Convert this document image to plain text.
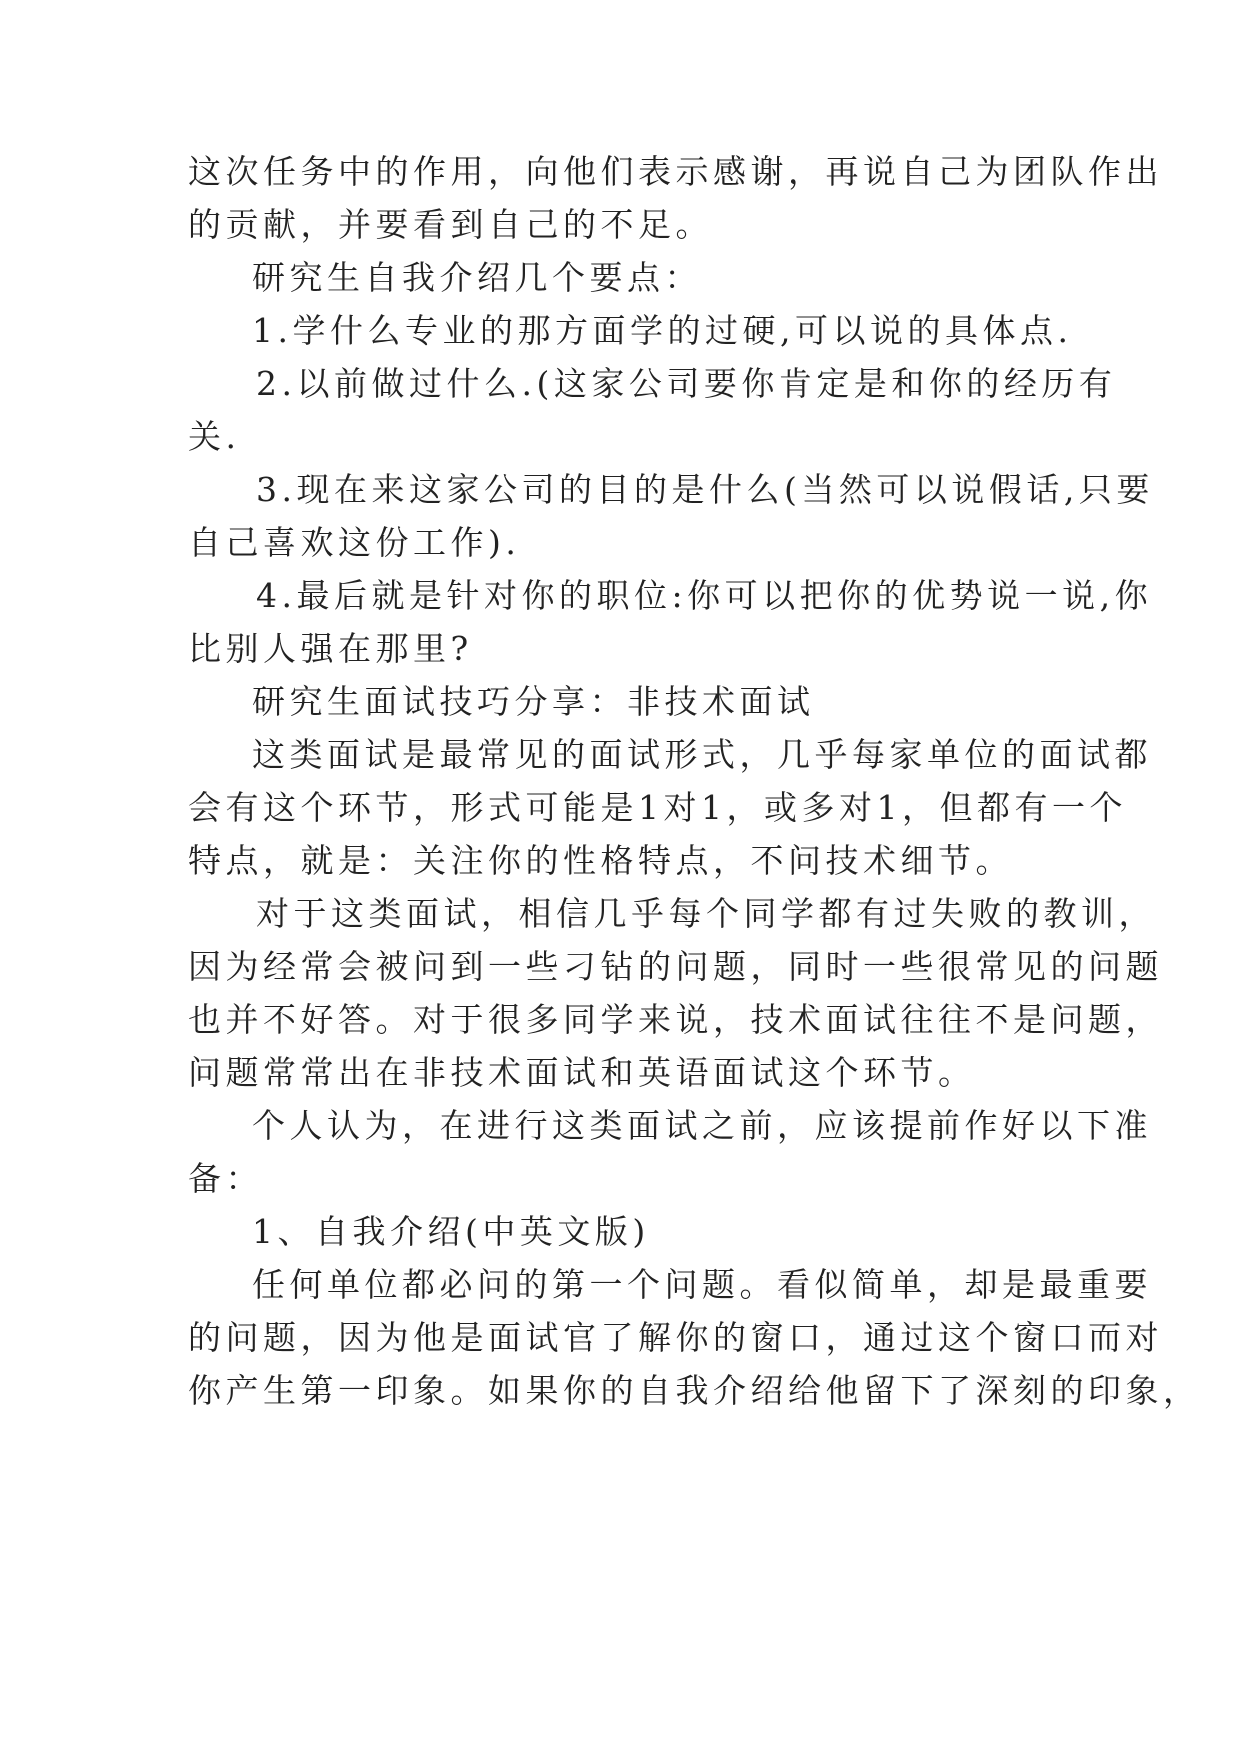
这次任务中的作用，向他们表示感谢，再说自己为团队作出
的贡献，并要看到自己的不足。
研究生自我介绍几个要点：
1.学什么专业的那方面学的过硬,可以说的具体点.
2.以前做过什么.(这家公司要你肯定是和你的经历有
关.
3.现在来这家公司的目的是什么(当然可以说假话,只要
自己喜欢这份工作).
4.最后就是针对你的职位:你可以把你的优势说一说,你
比别人强在那里?
研究生面试技巧分享：非技术面试
这类面试是最常见的面试形式，几乎每家单位的面试都
会有这个环节，形式可能是1对1，或多对1，但都有一个
特点，就是：关注你的性格特点，不问技术细节。
对于这类面试，相信几乎每个同学都有过失败的教训，
因为经常会被问到一些刁钻的问题，同时一些很常见的问题
也并不好答。对于很多同学来说，技术面试往往不是问题，
问题常常出在非技术面试和英语面试这个环节。
个人认为，在进行这类面试之前，应该提前作好以下准
备：
1、自我介绍(中英文版)
任何单位都必问的第一个问题。看似简单，却是最重要
的问题，因为他是面试官了解你的窗口，通过这个窗口而对
你产生第一印象。如果你的自我介绍给他留下了深刻的印象，
